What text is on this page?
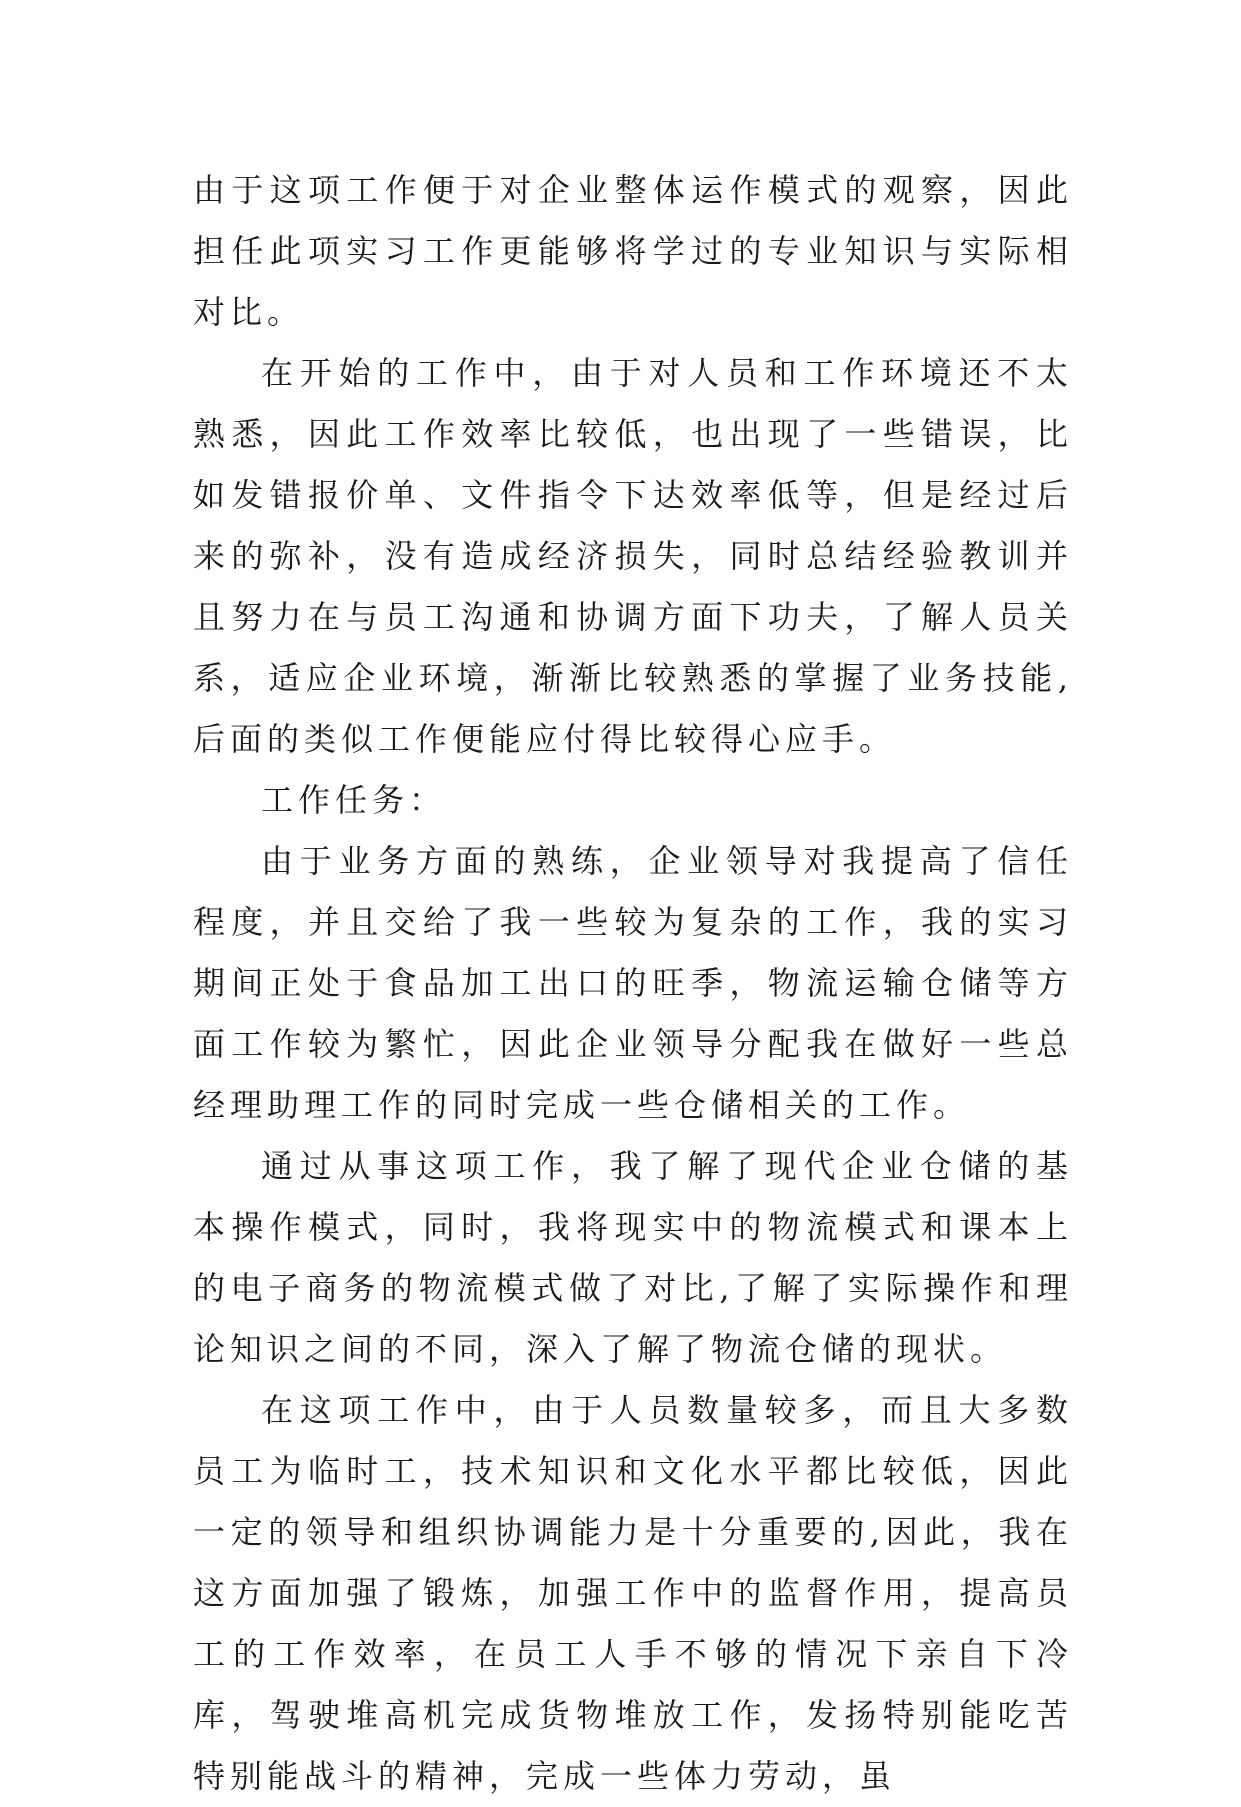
由于这项工作便于对企业整体运作模式的观察，因此担任此项实习工作更能够将学过的专业知识与实际相对比。

在开始的工作中，由于对人员和工作环境还不太熟悉，因此工作效率比较低，也出现了一些错误，比如发错报价单、文件指令下达效率低等，但是经过后来的弥补，没有造成经济损失，同时总结经验教训并且努力在与员工沟通和协调方面下功夫，了解人员关系，适应企业环境，渐渐比较熟悉的掌握了业务技能,后面的类似工作便能应付得比较得心应手。

工作任务：

由于业务方面的熟练，企业领导对我提高了信任程度，并且交给了我一些较为复杂的工作，我的实习期间正处于食品加工出口的旺季，物流运输仓储等方面工作较为繁忙，因此企业领导分配我在做好一些总经理助理工作的同时完成一些仓储相关的工作。

通过从事这项工作，我了解了现代企业仓储的基本操作模式，同时，我将现实中的物流模式和课本上的电子商务的物流模式做了对比,了解了实际操作和理论知识之间的不同，深入了解了物流仓储的现状。

在这项工作中，由于人员数量较多，而且大多数员工为临时工，技术知识和文化水平都比较低，因此一定的领导和组织协调能力是十分重要的,因此，我在这方面加强了锻炼，加强工作中的监督作用，提高员工的工作效率，在员工人手不够的情况下亲自下冷库，驾驶堆高机完成货物堆放工作，发扬特别能吃苦特别能战斗的精神，完成一些体力劳动，虽
